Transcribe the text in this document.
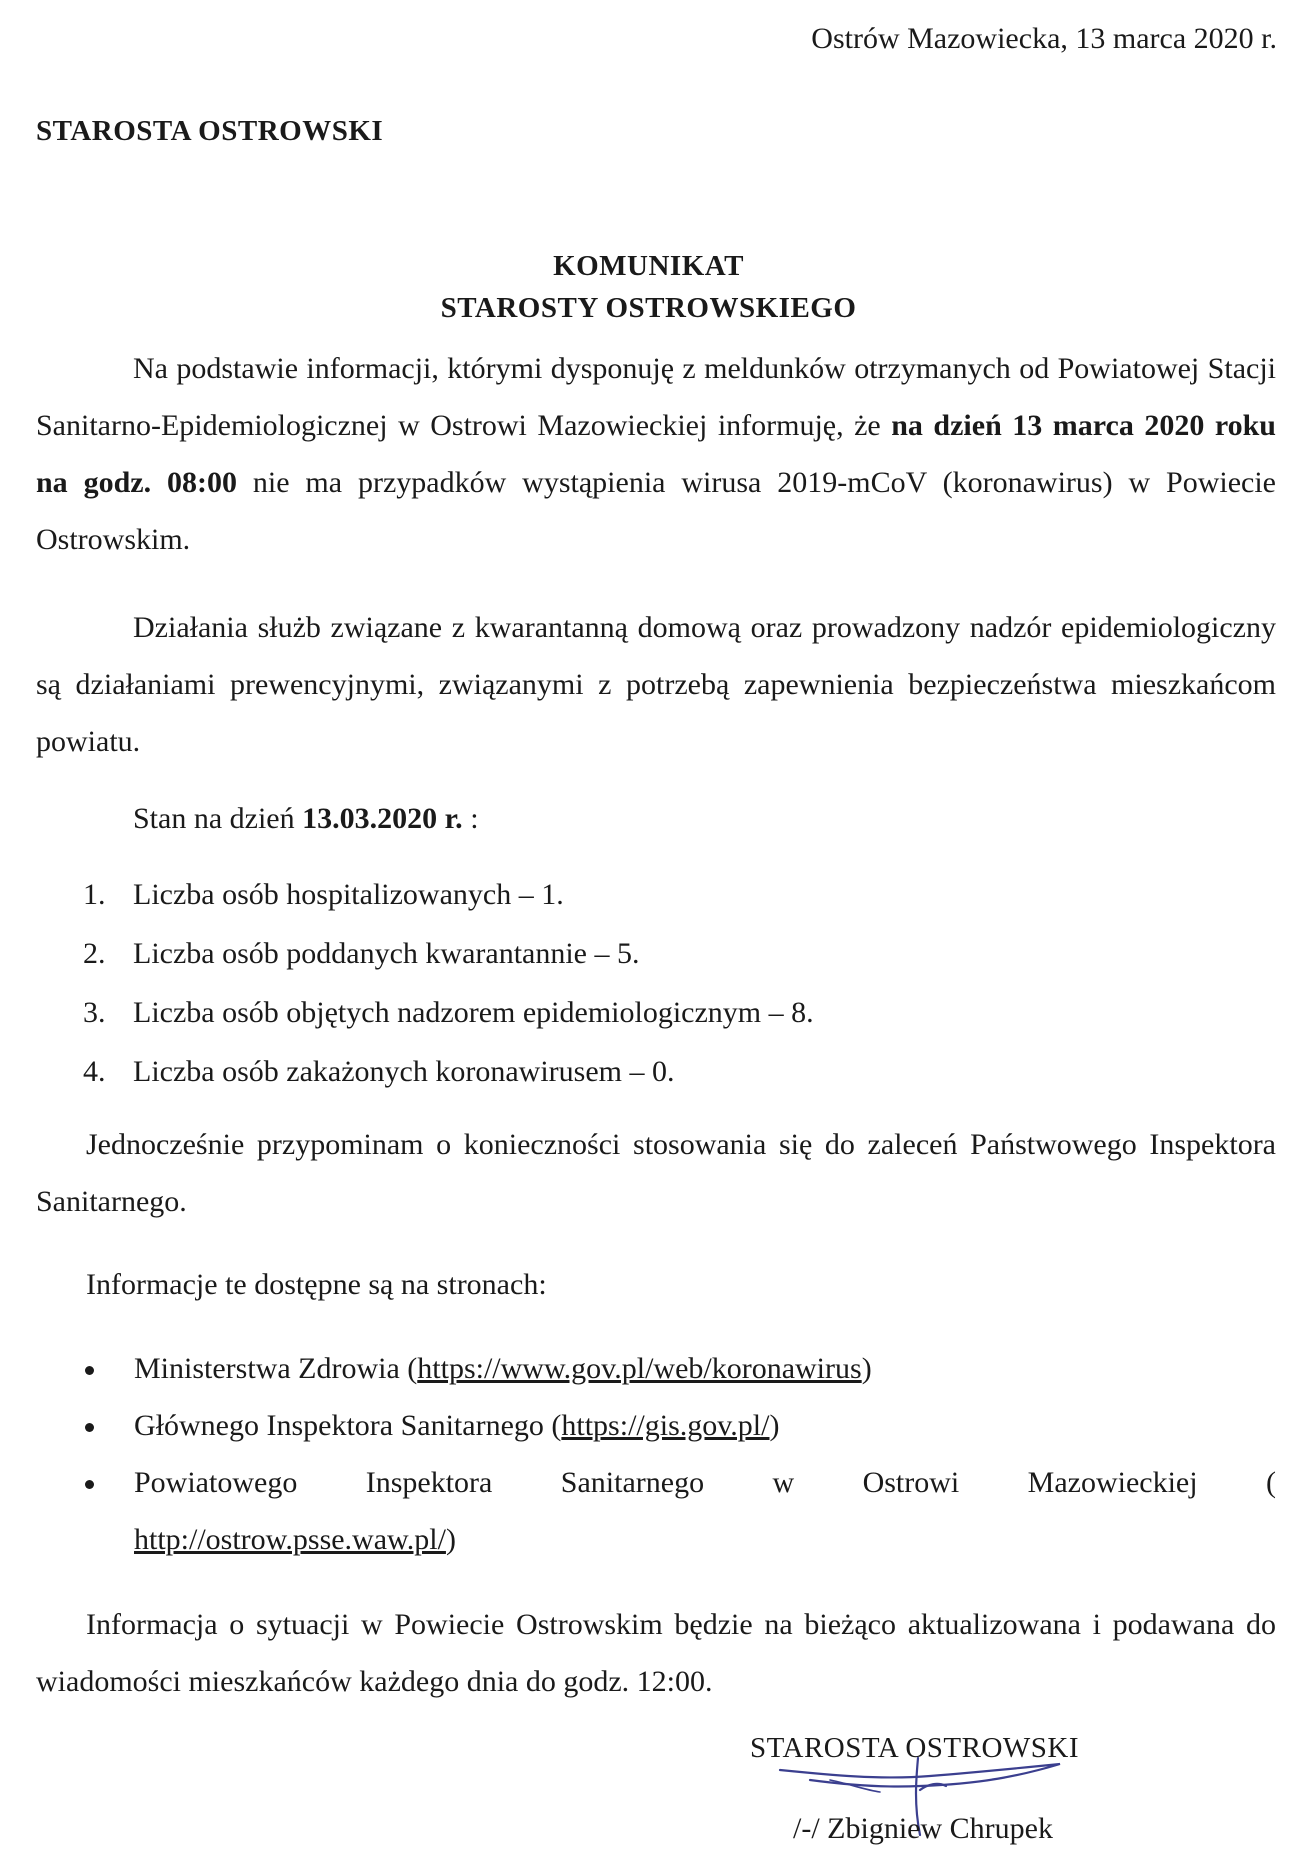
Ostrów Mazowiecka, 13 marca 2020 r.
STAROSTA OSTROWSKI
KOMUNIKAT
STAROSTY OSTROWSKIEGO
Na podstawie informacji, którymi dysponuję z meldunków otrzymanych od Powiatowej Stacji Sanitarno-Epidemiologicznej w Ostrowi Mazowieckiej informuję, że na dzień 13 marca 2020 roku na godz. 08:00 nie ma przypadków wystąpienia wirusa 2019-mCoV (koronawirus) w Powiecie Ostrowskim.
Działania służb związane z kwarantanną domową oraz prowadzony nadzór epidemiologiczny są działaniami prewencyjnymi, związanymi z potrzebą zapewnienia bezpieczeństwa mieszkańcom powiatu.
Stan na dzień 13.03.2020 r. :
1. Liczba osób hospitalizowanych – 1.
2. Liczba osób poddanych kwarantannie – 5.
3. Liczba osób objętych nadzorem epidemiologicznym – 8.
4. Liczba osób zakażonych koronawirusem – 0.
Jednocześnie przypominam o konieczności stosowania się do zaleceń Państwowego Inspektora Sanitarnego.
Informacje te dostępne są na stronach:
Ministerstwa Zdrowia (https://www.gov.pl/web/koronawirus)
Głównego Inspektora Sanitarnego (https://gis.gov.pl/)
Powiatowego Inspektora Sanitarnego w Ostrowi Mazowieckiej (
http://ostrow.psse.waw.pl/)
Informacja o sytuacji w Powiecie Ostrowskim będzie na bieżąco aktualizowana i podawana do wiadomości mieszkańców każdego dnia do godz. 12:00.
STAROSTA OSTROWSKI
/-/ Zbigniew Chrupek
